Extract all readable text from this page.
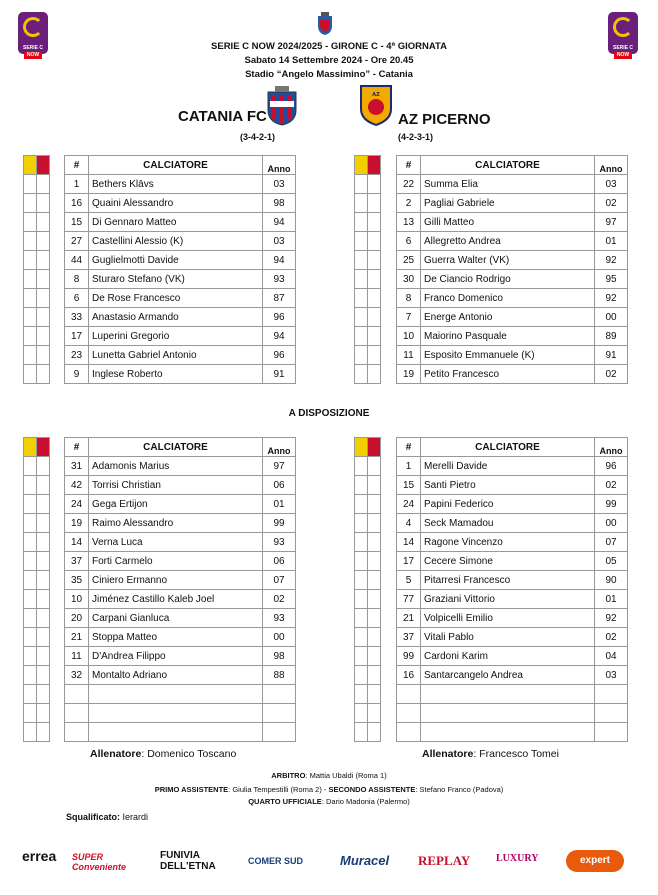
SERIE C
NOW
SERIE C
NOW
SERIE C NOW 2024/2025 - GIRONE C - 4ª GIORNATA
Sabato 14 Settembre 2024 - Ore 20.45
Stadio “Angelo Massimino” - Catania
CATANIA FC
(3-4-2-1)
AZ
AZ PICERNO
(4-2-3-1)

#	CALCIATORE	Anno
1	Bethers Klāvs	03
16	Quaini Alessandro	98
15	Di Gennaro Matteo	94
27	Castellini Alessio (K)	03
44	Guglielmotti Davide	94
8	Sturaro Stefano (VK)	93
6	De Rose Francesco	87
33	Anastasio Armando	96
17	Luperini Gregorio	94
23	Lunetta Gabriel Antonio	96
9	Inglese Roberto	91
#	CALCIATORE	Anno
22	Summa Elia	03
2	Pagliai Gabriele	02
13	Gilli Matteo	97
6	Allegretto Andrea	01
25	Guerra Walter (VK)	92
30	De Ciancio Rodrigo	95
8	Franco Domenico	92
7	Energe Antonio	00
10	Maiorino Pasquale	89
11	Esposito Emmanuele (K)	91
19	Petito Francesco	02
A DISPOSIZIONE
#	CALCIATORE	Anno
31	Adamonis Marius	97
42	Torrisi Christian	06
24	Gega Ertijon	01
19	Raimo Alessandro	99
14	Verna Luca	93
37	Forti Carmelo	06
35	Ciniero Ermanno	07
10	Jiménez Castillo Kaleb Joel	02
20	Carpani Gianluca	93
21	Stoppa Matteo	00
11	D'Andrea Filippo	98
32	Montalto Adriano	88

#	CALCIATORE	Anno
1	Merelli Davide	96
15	Santi Pietro	02
24	Papini Federico	99
4	Seck Mamadou	00
14	Ragone Vincenzo	07
17	Cecere Simone	05
5	Pitarresi Francesco	90
77	Graziani Vittorio	01
21	Volpicelli Emilio	92
37	Vitali Pablo	02
99	Cardoni Karim	04
16	Santarcangelo Andrea	03

Allenatore: Domenico Toscano	Allenatore: Francesco Tomei
ARBITRO: Mattia Ubaldi (Roma 1)
PRIMO ASSISTENTE: Giulia Tempestilli (Roma 2) - SECONDO ASSISTENTE: Stefano Franco (Padova)
QUARTO UFFICIALE: Dario Madonia (Palermo)
Squalificato: Ierardi
errea SUPER Conveniente
FUNIVIA DELL'ETNA	COMER SUD	Muracel REPLAY	LUXURY	expert
